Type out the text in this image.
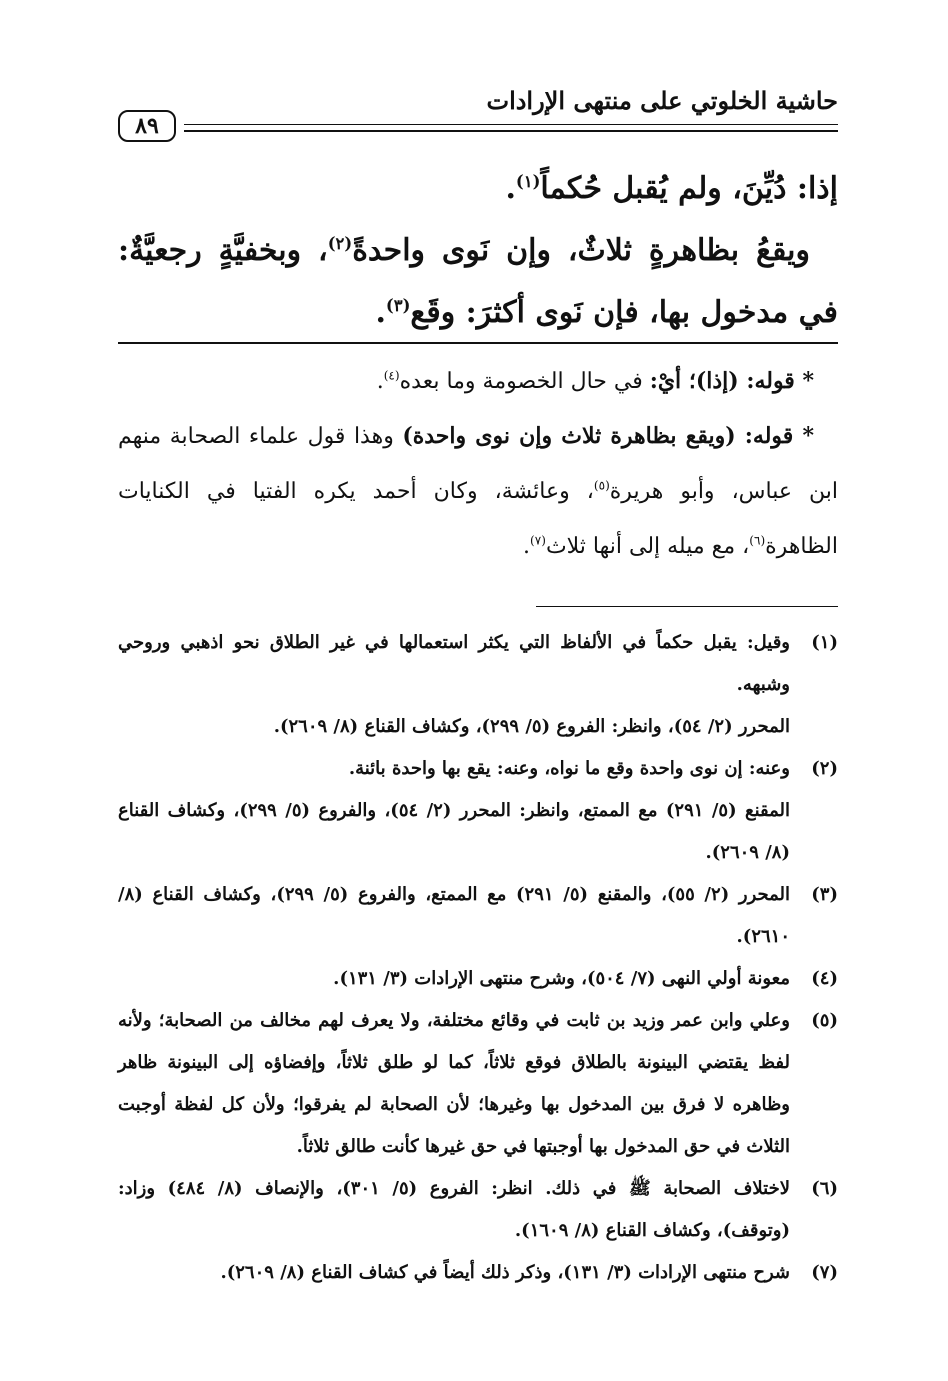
حاشية الخلوتي على منتهى الإرادات
٨٩

إذا: دُيِّنَ، ولم يُقبل حُكماً$^{(١)}$.

ويقعُ بظاهرةٍ ثلاثٌ، وإن نَوى واحدةً$^{(٢)}$، وبخفيَّةٍ رجعيَّةٌ: في مدخول بها، فإن نَوى أكثرَ: وقَع$^{(٣)}$.

* قوله: (إذا)؛ أيْ: في حال الخصومة وما بعده$^{(٤)}$.

* قوله: (ويقع بظاهرة ثلاث وإن نوى واحدة) وهذا قول علماء الصحابة منهم ابن عباس، وأبو هريرة$^{(٥)}$، وعائشة، وكان أحمد يكره الفتيا في الكنايات الظاهرة$^{(٦)}$، مع ميله إلى أنها ثلاث$^{(٧)}$.

(١)

وقيل: يقبل حكماً في الألفاظ التي يكثر استعمالها في غير الطلاق نحو اذهبي وروحي وشبهه.

المحرر (٢/ ٥٤)، وانظر: الفروع (٥/ ٢٩٩)، وكشاف القناع (٨/ ٢٦٠٩).

(٢)

وعنه: إن نوى واحدة وقع ما نواه، وعنه: يقع بها واحدة بائنة.

المقنع (٥/ ٢٩١) مع الممتع، وانظر: المحرر (٢/ ٥٤)، والفروع (٥/ ٢٩٩)، وكشاف القناع (٨/ ٢٦٠٩).

(٣)

المحرر (٢/ ٥٥)، والمقنع (٥/ ٢٩١) مع الممتع، والفروع (٥/ ٢٩٩)، وكشاف القناع (٨/ ٢٦١٠).

(٤)

معونة أولي النهى (٧/ ٥٠٤)، وشرح منتهى الإرادات (٣/ ١٣١).

(٥)

وعلي وابن عمر وزيد بن ثابت في وقائع مختلفة، ولا يعرف لهم مخالف من الصحابة؛ ولأنه لفظ يقتضي البينونة بالطلاق فوقع ثلاثاً، كما لو طلق ثلاثاً، وإفضاؤه إلى البينونة ظاهر وظاهره لا فرق بين المدخول بها وغيرها؛ لأن الصحابة لم يفرقوا؛ ولأن كل لفظة أوجبت الثلاث في حق المدخول بها أوجبتها في حق غيرها كأنت طالق ثلاثاً.

(٦)

لاختلاف الصحابة ﷺ في ذلك. انظر: الفروع (٥/ ٣٠١)، والإنصاف (٨/ ٤٨٤) وزاد: (وتوقف)، وكشاف القناع (٨/ ١٦٠٩).

(٧)

شرح منتهى الإرادات (٣/ ١٣١)، وذكر ذلك أيضاً في كشاف القناع (٨/ ٢٦٠٩).
